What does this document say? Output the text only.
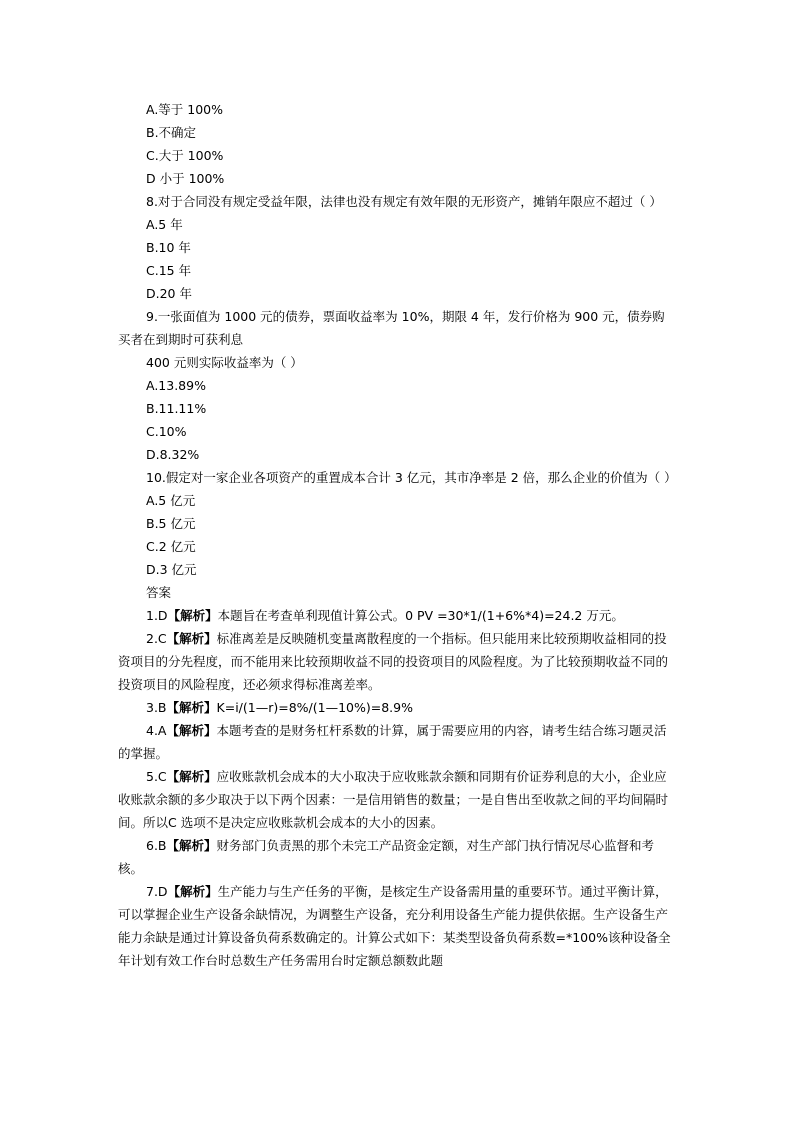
A.等于 100%

B.不确定

C.大于 100%

D 小于 100%

8.对于合同没有规定受益年限，法律也没有规定有效年限的无形资产，摊销年限应不超过（ ）

A.5 年

B.10 年

C.15 年

D.20 年

9.一张面值为 1000 元的债券，票面收益率为 10%，期限 4 年，发行价格为 900 元，债券购买者在到期时可获利息

400 元则实际收益率为（ ）

A.13.89%

B.11.11%

C.10%

D.8.32%

10.假定对一家企业各项资产的重置成本合计 3 亿元，其市净率是 2 倍，那么企业的价值为（ ）

A.5 亿元

B.5 亿元

C.2 亿元

D.3 亿元

答案

1.D【解析】本题旨在考查单利现值计算公式。0 PV =30*1/(1+6%*4)=24.2 万元。

2.C【解析】标准离差是反映随机变量离散程度的一个指标。但只能用来比较预期收益相同的投资项目的分先程度，而不能用来比较预期收益不同的投资项目的风险程度。为了比较预期收益不同的投资项目的风险程度，还必须求得标准离差率。

3.B【解析】K=i/(1—r)=8%/(1—10%)=8.9%

4.A【解析】本题考查的是财务杠杆系数的计算，属于需要应用的内容，请考生结合练习题灵活的掌握。

5.C【解析】应收账款机会成本的大小取决于应收账款余额和同期有价证券利息的大小，企业应收账款余额的多少取决于以下两个因素：一是信用销售的数量；一是自售出至收款之间的平均间隔时间。所以C 选项不是决定应收账款机会成本的大小的因素。

6.B【解析】财务部门负责黑的那个未完工产品资金定额，对生产部门执行情况尽心监督和考核。

7.D【解析】生产能力与生产任务的平衡，是核定生产设备需用量的重要环节。通过平衡计算，可以掌握企业生产设备余缺情况，为调整生产设备，充分利用设备生产能力提供依据。生产设备生产能力余缺是通过计算设备负荷系数确定的。计算公式如下：某类型设备负荷系数=*100%该种设备全年计划有效工作台时总数生产任务需用台时定额总额数此题
